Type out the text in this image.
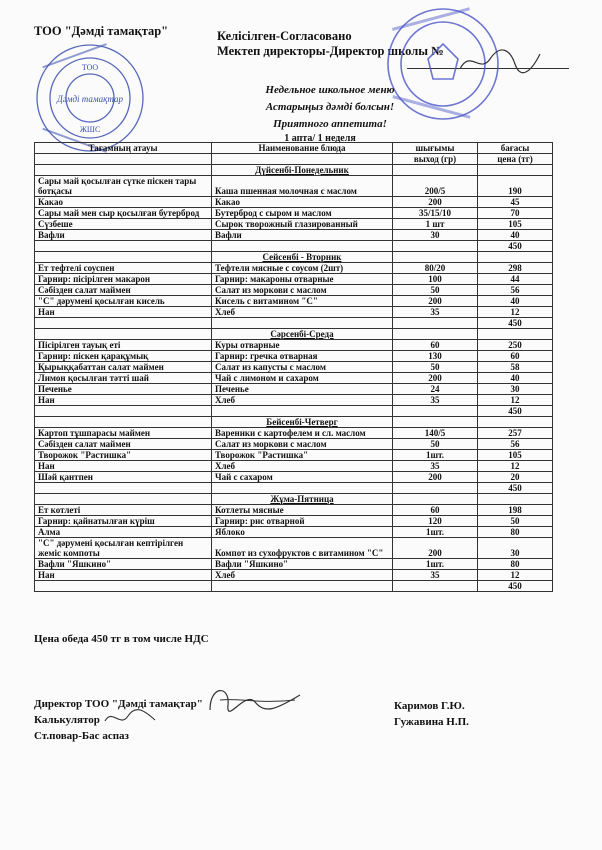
ТОО "Дәмді тамақтар"	Келісілген-Согласовано
Мектеп директоры-Директор школы №
ТОО
Дәмді тамақтар
ЖШС
Недельное школьное меню
Астарыңыз дәмді болсын!
Приятного аппетита!
1 апта/ 1 неделя
Тағамның атауы	Наименование блюда	шығымы	бағасы
		выход (гр)	цена (тг)
	Дүйсенбі-Понедельник		
Сары май қосылған сүтке піскен тары ботқасы	Каша пшенная молочная с маслом	200/5	190
Какао	Какао	200	45
Сары май мен сыр қосылған бутерброд	Бутерброд с сыром и маслом	35/15/10	70
Сүзбеше	Сырок творожный глазированный	1 шт	105
Вафли	Вафли	30	40
			450
	Сейсенбі - Вторник		
Ет тефтелі соуспен	Тефтели мясные с соусом (2шт)	80/20	298
Гарнир: пісірілген макарон	Гарнир: макароны отварные	100	44
Сәбізден салат маймен	Салат из моркови с маслом	50	56
"С" дәрумені қосылған кисель	Кисель с витамином "С"	200	40
Нан	Хлеб	35	12
			450
	Сәрсенбі-Среда		
Пісірілген тауық еті	Куры отварные	60	250
Гарнир: піскен қарақұмық	Гарнир: гречка отварная	130	60
Қырыққабаттан салат маймен	Салат из капусты с маслом	50	58
Лимон қосылған тәтті шай	Чай с лимоном и сахаром	200	40
Печенье	Печенье	24	30
Нан	Хлеб	35	12
			450
	Бейсенбі-Четверг		
Картоп тұшпарасы маймен	Вареники с картофелем и сл. маслом	140/5	257
Сәбізден салат маймен	Салат из моркови с маслом	50	56
Творожок "Растишка"	Творожок "Растишка"	1шт.	105
Нан	Хлеб	35	12
Шәй қантпен	Чай с сахаром	200	20
			450
	Жұма-Пятница		
Ет котлеті	Котлеты мясные	60	198
Гарнир: қайнатылған күріш	Гарнир: рис отварной	120	50
Алма	Яблоко	1шт.	80
"С" дәрумені қосылған кептірілген жеміс компоты	Компот из сухофруктов с витамином "С"	200	30
Вафли "Яшкино"	Вафли "Яшкино"	1шт.	80
Нан	Хлеб	35	12
			450
Цена обеда 450 тг в том числе НДС
Директор ТОО "Дәмді тамақтар"	Каримов Г.Ю.
Калькулятор	Гужавина Н.П.
Ст.повар-Бас аспаз
